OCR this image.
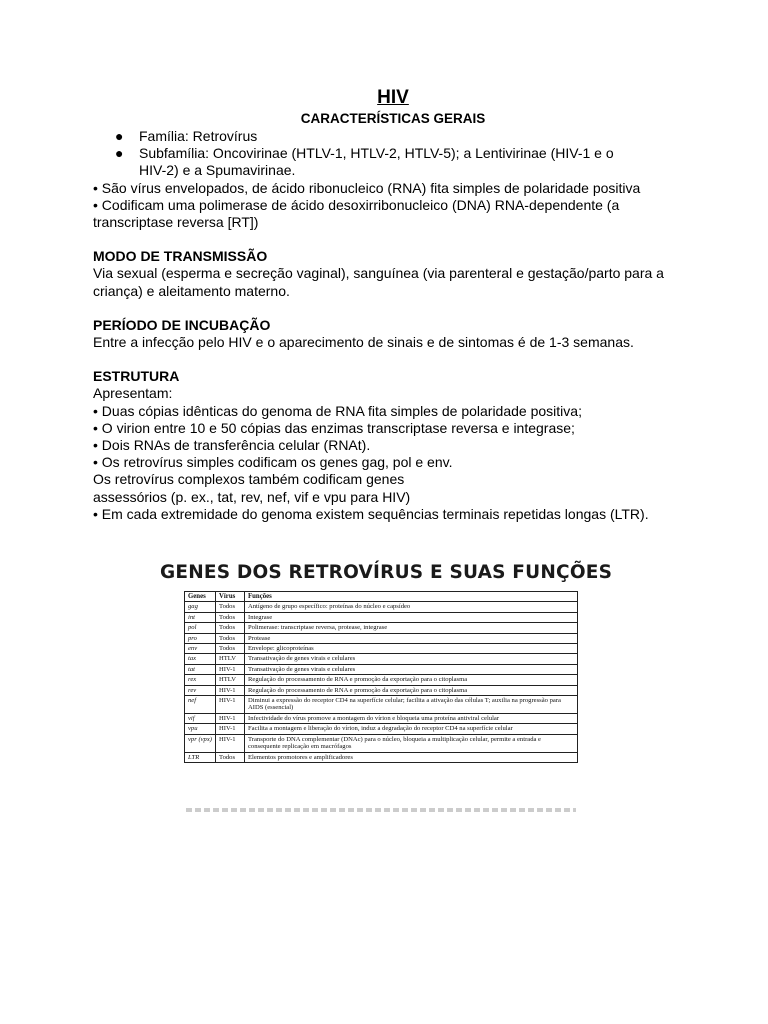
HIV
CARACTERÍSTICAS GERAIS
● Família: Retrovírus
● Subfamília: Oncovirinae (HTLV-1, HTLV-2, HTLV-5); a Lentivirinae (HIV-1 e o
HIV-2) e a Spumavirinae.
• São vírus envelopados, de ácido ribonucleico (RNA) fita simples de polaridade positiva
• Codificam uma polimerase de ácido desoxirribonucleico (DNA) RNA-dependente (a
transcriptase reversa [RT])
MODO DE TRANSMISSÃO
Via sexual (esperma e secreção vaginal), sanguínea (via parenteral e gestação/parto para a
criança) e aleitamento materno.
PERÍODO DE INCUBAÇÃO
Entre a infecção pelo HIV e o aparecimento de sinais e de sintomas é de 1-3 semanas.
ESTRUTURA
Apresentam:
• Duas cópias idênticas do genoma de RNA fita simples de polaridade positiva;
• O virion entre 10 e 50 cópias das enzimas transcriptase reversa e integrase;
• Dois RNAs de transferência celular (RNAt).
• Os retrovírus simples codificam os genes gag, pol e env.
Os retrovírus complexos também codificam genes
assessórios (p. ex., tat, rev, nef, vif e vpu para HIV)
• Em cada extremidade do genoma existem sequências terminais repetidas longas (LTR).
GENES DOS RETROVÍRUS E SUAS FUNÇÕES
Genes	Vírus	Funções
gag	Todos	Antígeno de grupo específico: proteínas do núcleo e capsídeo
int	Todos	Integrase
pol	Todos	Polimerase: transcriptase reversa, protease, integrase
pro	Todos	Protease
env	Todos	Envelope: glicoproteínas
tax	HTLV	Transativação de genes virais e celulares
tat	HIV-1	Transativação de genes virais e celulares
rex	HTLV	Regulação do processamento de RNA e promoção da exportação para o citoplasma
rev	HIV-1	Regulação do processamento de RNA e promoção da exportação para o citoplasma
nef	HIV-1	Diminui a expressão do receptor CD4 na superfície celular; facilita a ativação das células T; auxilia na progressão para AIDS (essencial)
vif	HIV-1	Infectividade do vírus promove a montagem do vírion e bloqueia uma proteína antiviral celular
vpu	HIV-1	Facilita a montagem e liberação do vírion, induz a degradação do receptor CD4 na superfície celular
vpr (vpx)	HIV-1	Transporte do DNA complementar (DNAc) para o núcleo, bloqueia a multiplicação celular, permite a entrada e consequente replicação em macrófagos
LTR	Todos	Elementos promotores e amplificadores
